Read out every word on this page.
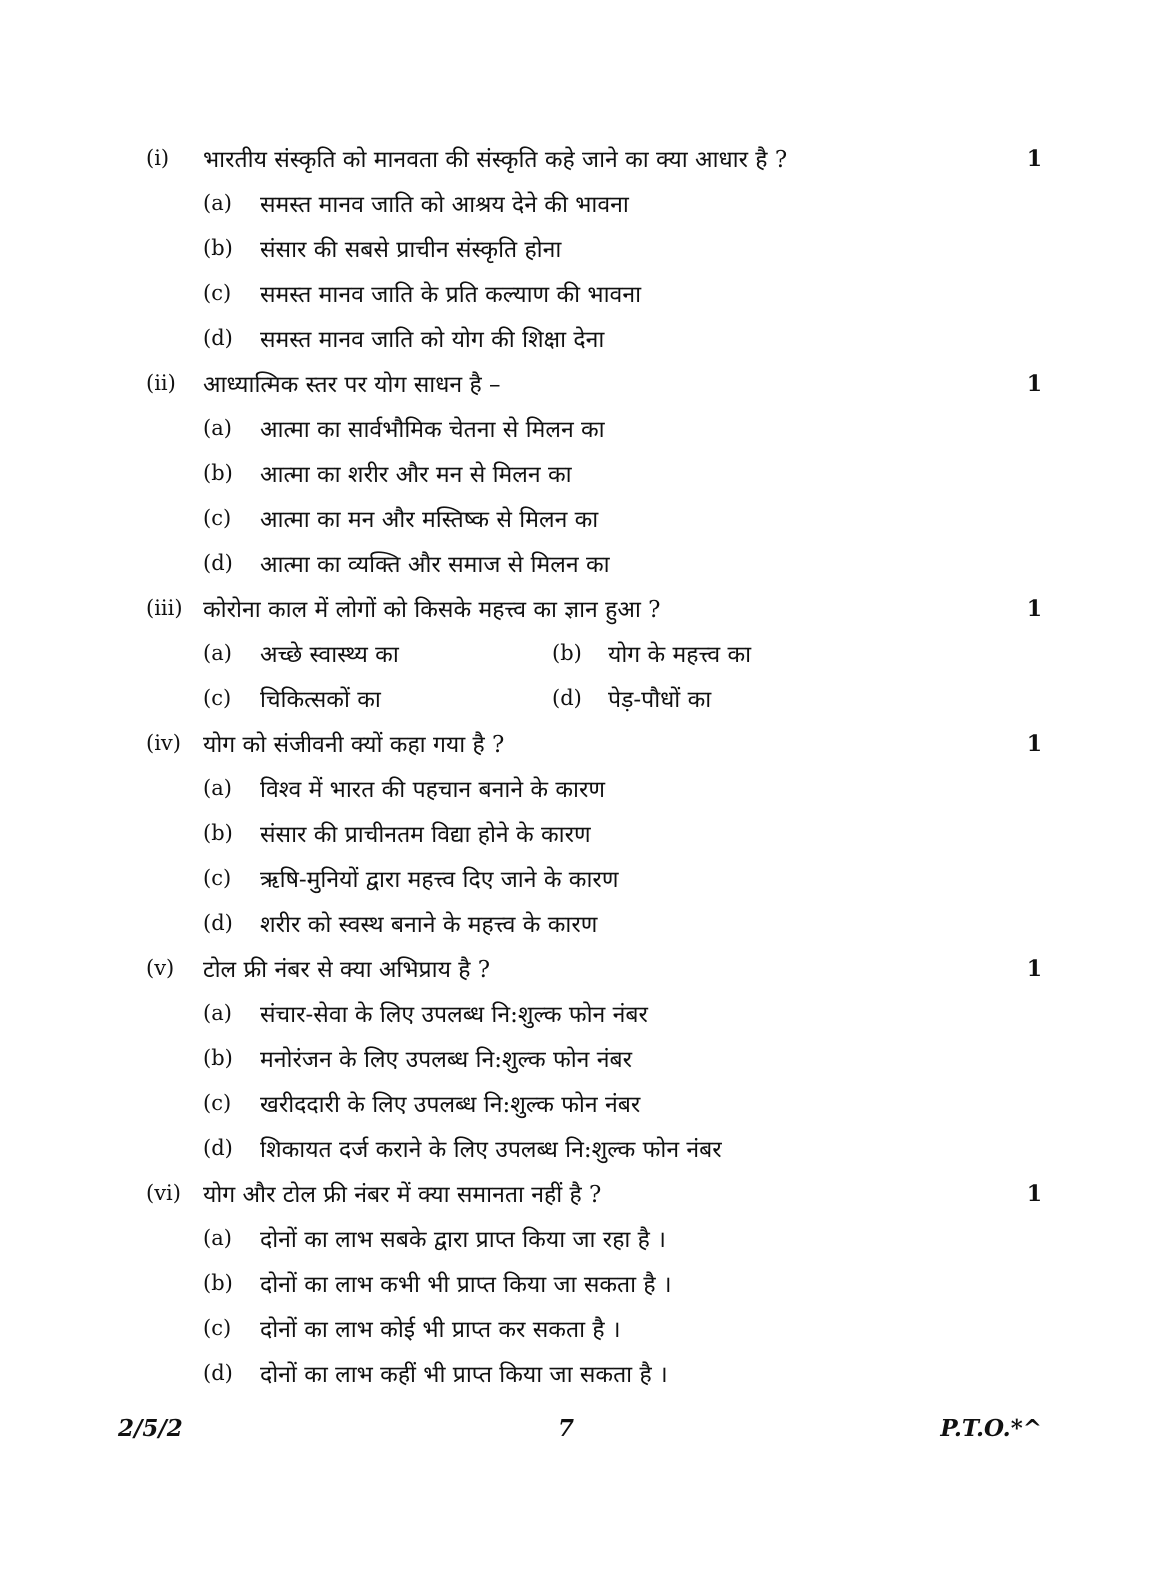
(i) भारतीय संस्कृति को मानवता की संस्कृति कहे जाने का क्या आधार है ?	1
(a) समस्त मानव जाति को आश्रय देने की भावना
(b) संसार की सबसे प्राचीन संस्कृति होना
(c) समस्त मानव जाति के प्रति कल्याण की भावना
(d) समस्त मानव जाति को योग की शिक्षा देना
(ii) आध्यात्मिक स्तर पर योग साधन है –	1
(a) आत्मा का सार्वभौमिक चेतना से मिलन का
(b) आत्मा का शरीर और मन से मिलन का
(c) आत्मा का मन और मस्तिष्क से मिलन का
(d) आत्मा का व्यक्ति और समाज से मिलन का
(iii) कोरोना काल में लोगों को किसके महत्त्व का ज्ञान हुआ ?	1
(a) अच्छे स्वास्थ्य का	(b) योग के महत्त्व का
(c) चिकित्सकों का	(d) पेड़-पौधों का
(iv) योग को संजीवनी क्यों कहा गया है ?	1
(a) विश्व में भारत की पहचान बनाने के कारण
(b) संसार की प्राचीनतम विद्या होने के कारण
(c) ऋषि-मुनियों द्वारा महत्त्व दिए जाने के कारण
(d) शरीर को स्वस्थ बनाने के महत्त्व के कारण
(v) टोल फ्री नंबर से क्या अभिप्राय है ?	1
(a) संचार-सेवा के लिए उपलब्ध नि:शुल्क फोन नंबर
(b) मनोरंजन के लिए उपलब्ध नि:शुल्क फोन नंबर
(c) खरीददारी के लिए उपलब्ध नि:शुल्क फोन नंबर
(d) शिकायत दर्ज कराने के लिए उपलब्ध नि:शुल्क फोन नंबर
(vi) योग और टोल फ्री नंबर में क्या समानता नहीं है ?	1
(a) दोनों का लाभ सबके द्वारा प्राप्त किया जा रहा है ।
(b) दोनों का लाभ कभी भी प्राप्त किया जा सकता है ।
(c) दोनों का लाभ कोई भी प्राप्त कर सकता है ।
(d) दोनों का लाभ कहीं भी प्राप्त किया जा सकता है ।
2/5/2	7	P.T.O.*^
